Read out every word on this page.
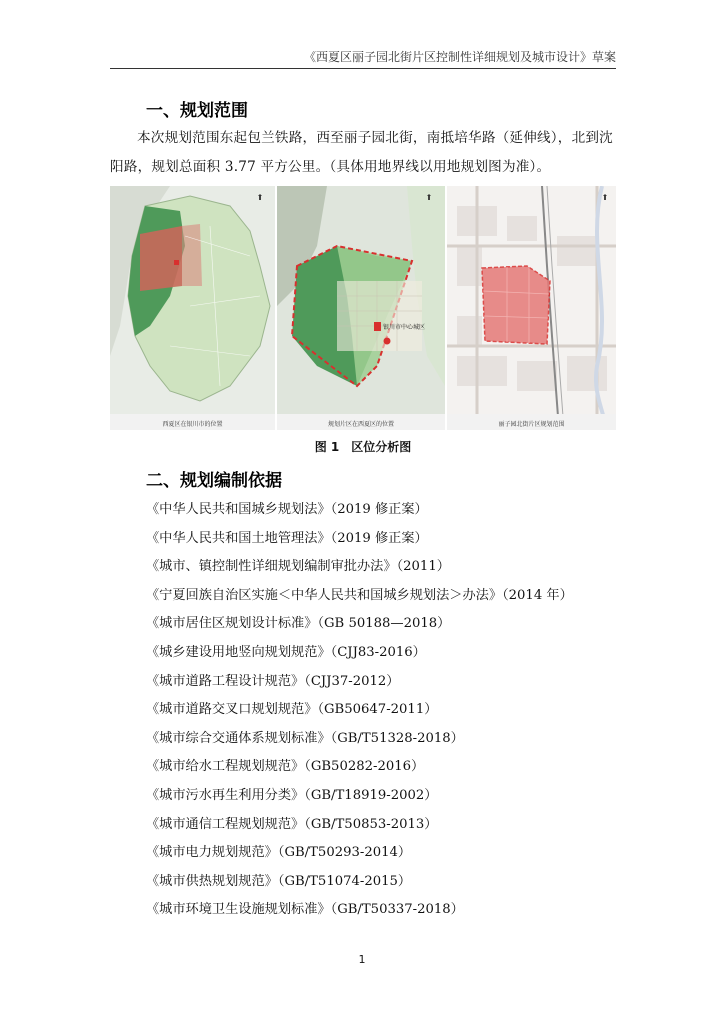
《西夏区丽子园北街片区控制性详细规划及城市设计》草案
一、规划范围
本次规划范围东起包兰铁路，西至丽子园北街，南抵培华路（延伸线），北到沈阳路，规划总面积 3.77 平方公里。（具体用地界线以用地规划图为准）。
⬆
西夏区在银川市的位置
银川市中心城区
⬆
规划片区在西夏区的位置
⬆
丽子园北街片区规划范围
图 1　区位分析图
二、规划编制依据
《中华人民共和国城乡规划法》（2019 修正案）
《中华人民共和国土地管理法》（2019 修正案）
《城市、镇控制性详细规划编制审批办法》（2011）
《宁夏回族自治区实施＜中华人民共和国城乡规划法＞办法》（2014 年）
《城市居住区规划设计标准》（GB 50188—2018）
《城乡建设用地竖向规划规范》（CJJ83-2016）
《城市道路工程设计规范》（CJJ37-2012）
《城市道路交叉口规划规范》（GB50647-2011）
《城市综合交通体系规划标准》（GB/T51328-2018）
《城市给水工程规划规范》（GB50282-2016）
《城市污水再生利用分类》（GB/T18919-2002）
《城市通信工程规划规范》（GB/T50853-2013）
《城市电力规划规范》（GB/T50293-2014）
《城市供热规划规范》（GB/T51074-2015）
《城市环境卫生设施规划标准》（GB/T50337-2018）
1
